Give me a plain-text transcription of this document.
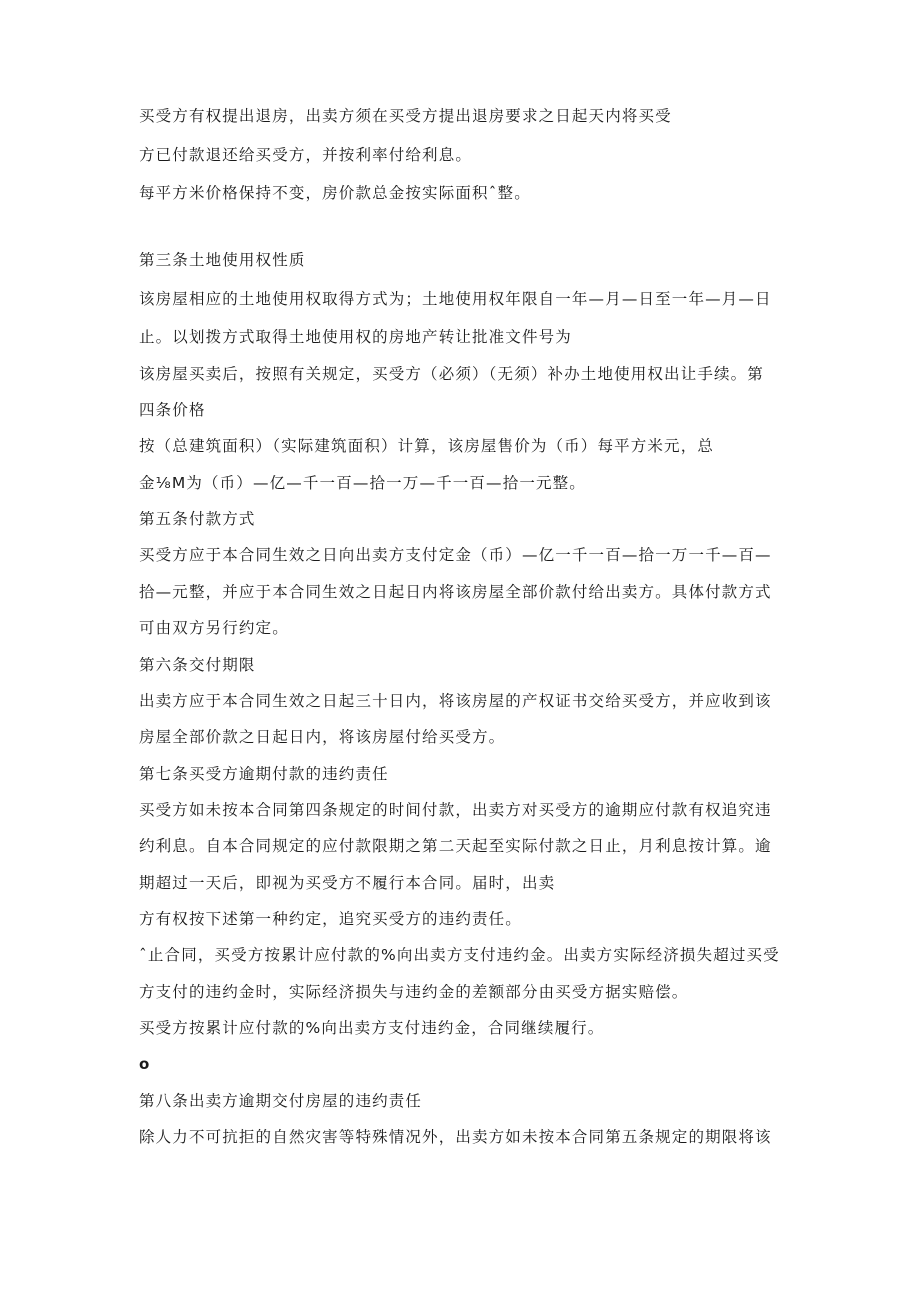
买受方有权提出退房，出卖方须在买受方提出退房要求之日起天内将买受
方已付款退还给买受方，并按利率付给利息。
每平方米价格保持不变，房价款总金按实际面积ˆ整。
第三条土地使用权性质
该房屋相应的土地使用权取得方式为；土地使用权年限自一年—月—日至一年—月—日
止。以划拨方式取得土地使用权的房地产转让批准文件号为
该房屋买卖后，按照有关规定，买受方（必须）（无须）补办土地使用权出让手续。第
四条价格
按（总建筑面积）（实际建筑面积）计算，该房屋售价为（币）每平方米元，总
金⅛M为（币）—亿—千一百—拾一万—千一百—拾一元整。
第五条付款方式
买受方应于本合同生效之日向出卖方支付定金（币）—亿一千一百—拾一万一千—百—
拾—元整，并应于本合同生效之日起日内将该房屋全部价款付给出卖方。具体付款方式
可由双方另行约定。
第六条交付期限
出卖方应于本合同生效之日起三十日内，将该房屋的产权证书交给买受方，并应收到该
房屋全部价款之日起日内，将该房屋付给买受方。
第七条买受方逾期付款的违约责任
买受方如未按本合同第四条规定的时间付款，出卖方对买受方的逾期应付款有权追究违
约利息。自本合同规定的应付款限期之第二天起至实际付款之日止，月利息按计算。逾
期超过一天后，即视为买受方不履行本合同。届时，出卖
方有权按下述第一种约定，追究买受方的违约责任。
ˆ止合同，买受方按累计应付款的%向出卖方支付违约金。出卖方实际经济损失超过买受
方支付的违约金时，实际经济损失与违约金的差额部分由买受方据实赔偿。
买受方按累计应付款的%向出卖方支付违约金，合同继续履行。
o
第八条出卖方逾期交付房屋的违约责任
除人力不可抗拒的自然灾害等特殊情况外，出卖方如未按本合同第五条规定的期限将该
